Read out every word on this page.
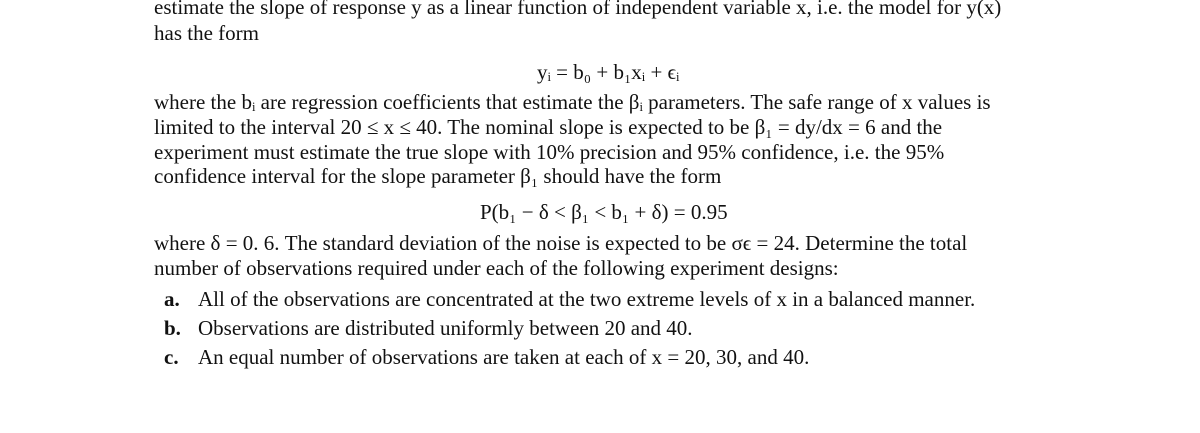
estimate the slope of response y as a linear function of independent variable x, i.e. the model for y(x)
has the form
yᵢ = b₀ + b₁xᵢ + ϵᵢ
where the bᵢ are regression coefficients that estimate the βᵢ parameters. The safe range of x values is
limited to the interval 20 ≤ x ≤ 40. The nominal slope is expected to be β₁ = dy/dx = 6 and the
experiment must estimate the true slope with 10% precision and 95% confidence, i.e. the 95%
confidence interval for the slope parameter β₁ should have the form
P(b₁ − δ < β₁ < b₁ + δ) = 0.95
where δ = 0. 6. The standard deviation of the noise is expected to be σϵ = 24. Determine the total
number of observations required under each of the following experiment designs:
a. All of the observations are concentrated at the two extreme levels of x in a balanced manner.
b. Observations are distributed uniformly between 20 and 40.
c. An equal number of observations are taken at each of x = 20, 30, and 40.
